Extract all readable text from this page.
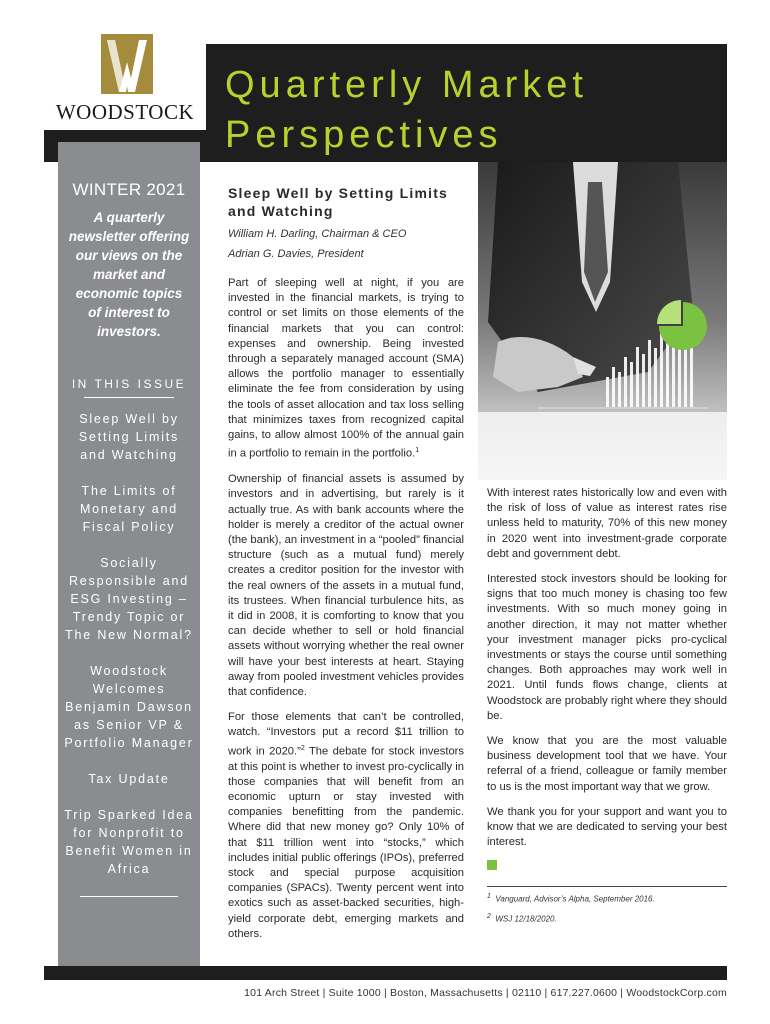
WOODSTOCK
Quarterly Market
Perspectives
WINTER 2021
A quarterly newsletter offering our views on the market and economic topics of interest to investors.
IN THIS ISSUE
Sleep Well by Setting Limits and Watching
The Limits of Monetary and Fiscal Policy
Socially Responsible and ESG Investing – Trendy Topic or The New Normal?
Woodstock Welcomes Benjamin Dawson as Senior VP & Portfolio Manager
Tax Update
Trip Sparked Idea for Nonprofit to Benefit Women in Africa
Sleep Well by Setting Limits and Watching
William H. Darling, Chairman & CEO
Adrian G. Davies, President

Part of sleeping well at night, if you are invested in the financial markets, is trying to control or set limits on those elements of the financial markets that you can control: expenses and ownership. Being invested through a separately managed account (SMA) allows the portfolio manager to essentially eliminate the fee from consideration by using the tools of asset allocation and tax loss selling that minimizes taxes from recognized capital gains, to allow almost 100% of the annual gain in a portfolio to remain in the portfolio.$^1$

Ownership of financial assets is assumed by investors and in advertising, but rarely is it actually true. As with bank accounts where the holder is merely a creditor of the actual owner (the bank), an investment in a “pooled” financial structure (such as a mutual fund) merely creates a creditor position for the investor with the real owners of the assets in a mutual fund, its trustees. When financial turbulence hits, as it did in 2008, it is comforting to know that you can decide whether to sell or hold financial assets without worrying whether the real owner will have your best interests at heart. Staying away from pooled investment vehicles provides that confidence.

For those elements that can’t be controlled, watch. “Investors put a record $11 trillion to work in 2020.”$^2$ The debate for stock investors at this point is whether to invest pro-cyclically in those companies that will benefit from an economic upturn or stay invested with companies benefitting from the pandemic. Where did that new money go? Only 10% of that $11 trillion went into “stocks,” which includes initial public offerings (IPOs), preferred stock and special purpose acquisition companies (SPACs). Twenty percent went into exotics such as asset-backed securities, high-yield corporate debt, emerging markets and others.

With interest rates historically low and even with the risk of loss of value as interest rates rise unless held to maturity, 70% of this new money in 2020 went into investment-grade corporate debt and government debt.

Interested stock investors should be looking for signs that too much money is chasing too few investments. With so much money going in another direction, it may not matter whether your investment manager picks pro-cyclical investments or stays the course until something changes. Both approaches may work well in 2021. Until funds flows change, clients at Woodstock are probably right where they should be.

We know that you are the most valuable business development tool that we have. Your referral of a friend, colleague or family member to us is the most important way that we grow.

We thank you for your support and want you to know that we are dedicated to serving your best interest.

$^1$ Vanguard, Advisor’s Alpha, September 2016.
$^2$ WSJ 12/18/2020.
101 Arch Street | Suite 1000 | Boston, Massachusetts | 02110 | 617.227.0600 | WoodstockCorp.com
